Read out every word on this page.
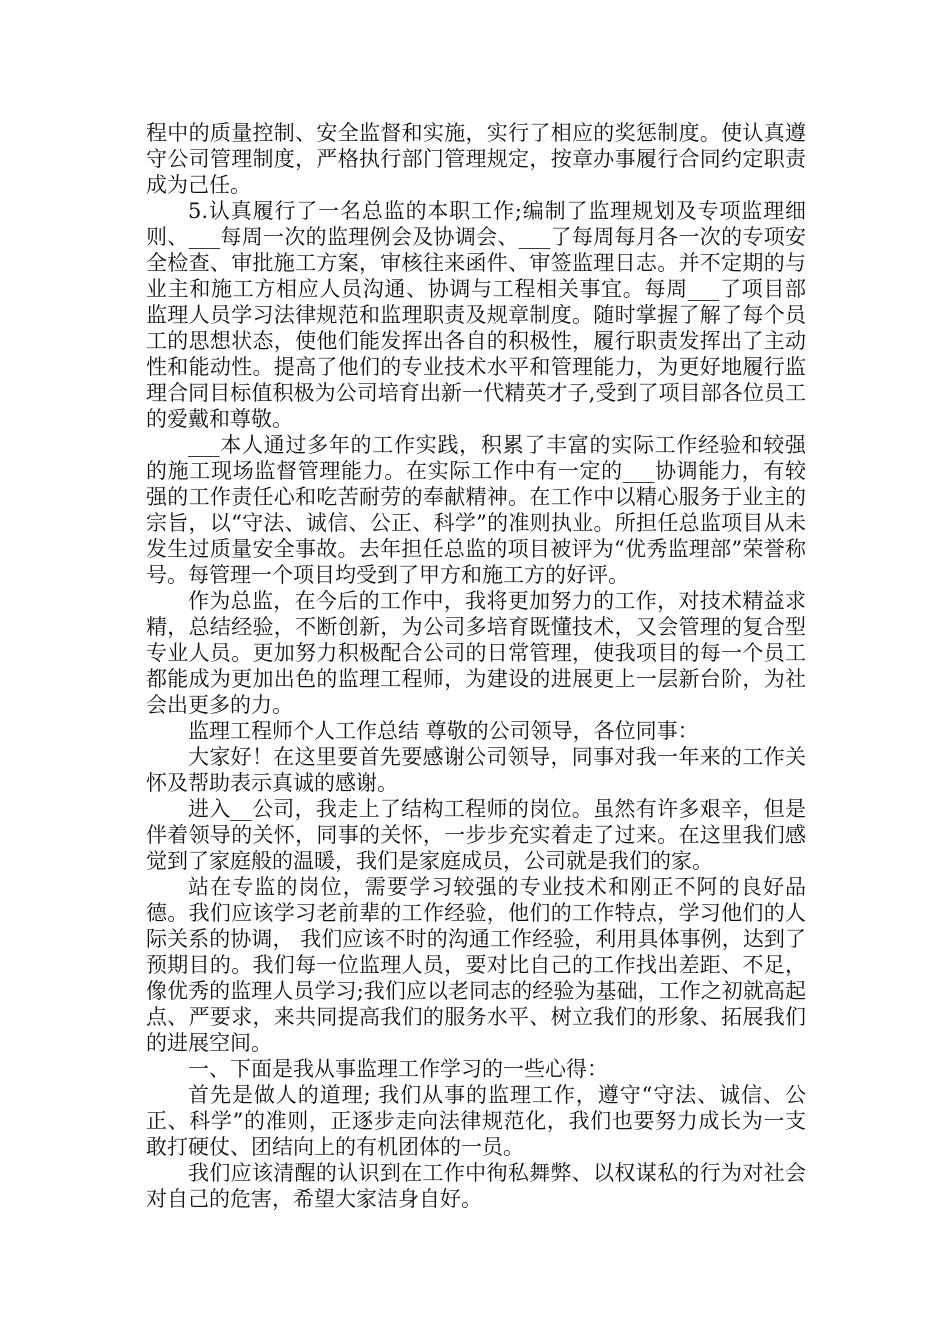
程中的质量控制、安全监督和实施，实行了相应的奖惩制度。使认真遵守公司管理制度，严格执行部门管理规定，按章办事履行合同约定职责成为己任。

5.认真履行了一名总监的本职工作;编制了监理规划及专项监理细则、___每周一次的监理例会及协调会、___了每周每月各一次的专项安全检查、审批施工方案，审核往来函件、审签监理日志。并不定期的与业主和施工方相应人员沟通、协调与工程相关事宜。每周___了项目部监理人员学习法律规范和监理职责及规章制度。随时掌握了解了每个员工的思想状态，使他们能发挥出各自的积极性，履行职责发挥出了主动性和能动性。提高了他们的专业技术水平和管理能力，为更好地履行监理合同目标值积极为公司培育出新一代精英才子,受到了项目部各位员工的爱戴和尊敬。

___本人通过多年的工作实践，积累了丰富的实际工作经验和较强的施工现场监督管理能力。在实际工作中有一定的___协调能力，有较强的工作责任心和吃苦耐劳的奉献精神。在工作中以精心服务于业主的宗旨，以“守法、诚信、公正、科学”的准则执业。所担任总监项目从未发生过质量安全事故。去年担任总监的项目被评为“优秀监理部”荣誉称号。每管理一个项目均受到了甲方和施工方的好评。

作为总监，在今后的工作中，我将更加努力的工作，对技术精益求精，总结经验，不断创新，为公司多培育既懂技术，又会管理的复合型专业人员。更加努力积极配合公司的日常管理，使我项目的每一个员工都能成为更加出色的监理工程师，为建设的进展更上一层新台阶，为社会出更多的力。

监理工程师个人工作总结 尊敬的公司领导，各位同事：

大家好！在这里要首先要感谢公司领导，同事对我一年来的工作关怀及帮助表示真诚的感谢。

进入__公司，我走上了结构工程师的岗位。虽然有许多艰辛，但是伴着领导的关怀，同事的关怀，一步步充实着走了过来。在这里我们感觉到了家庭般的温暖，我们是家庭成员，公司就是我们的家。

站在专监的岗位，需要学习较强的专业技术和刚正不阿的良好品德。我们应该学习老前辈的工作经验，他们的工作特点，学习他们的人际关系的协调， 我们应该不时的沟通工作经验，利用具体事例，达到了预期目的。我们每一位监理人员，要对比自己的工作找出差距、不足，像优秀的监理人员学习;我们应以老同志的经验为基础，工作之初就高起点、严要求，来共同提高我们的服务水平、树立我们的形象、拓展我们的进展空间。

一、下面是我从事监理工作学习的一些心得：

首先是做人的道理; 我们从事的监理工作，遵守“守法、诚信、公正、科学”的准则，正逐步走向法律规范化，我们也要努力成长为一支敢打硬仗、团结向上的有机团体的一员。

我们应该清醒的认识到在工作中徇私舞弊、以权谋私的行为对社会对自己的危害，希望大家洁身自好。
